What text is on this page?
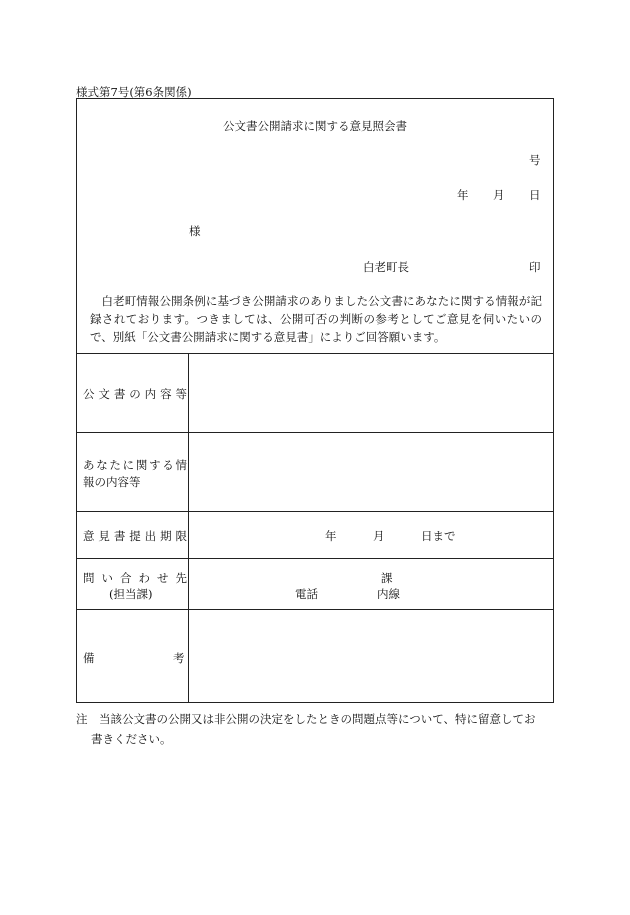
様式第7号(第6条関係)
公文書公開請求に関する意見照会書
号
年 月 日
様
白老町長	印
白老町情報公開条例に基づき公開請求のありました公文書にあなたに関する情報が記録されております。つきましては、公開可否の判断の参考としてご意見を伺いたいので、別紙「公文書公開請求に関する意見書」によりご回答願います。
公文書の内容等
あなたに関する情
報の内容等
意見書提出期限	年	月	日まで
問い合わせ先
(担当課)
課
電話	内線
備	考
注　当該公文書の公開又は非公開の決定をしたときの問題点等について、特に留意してお
書きください。
